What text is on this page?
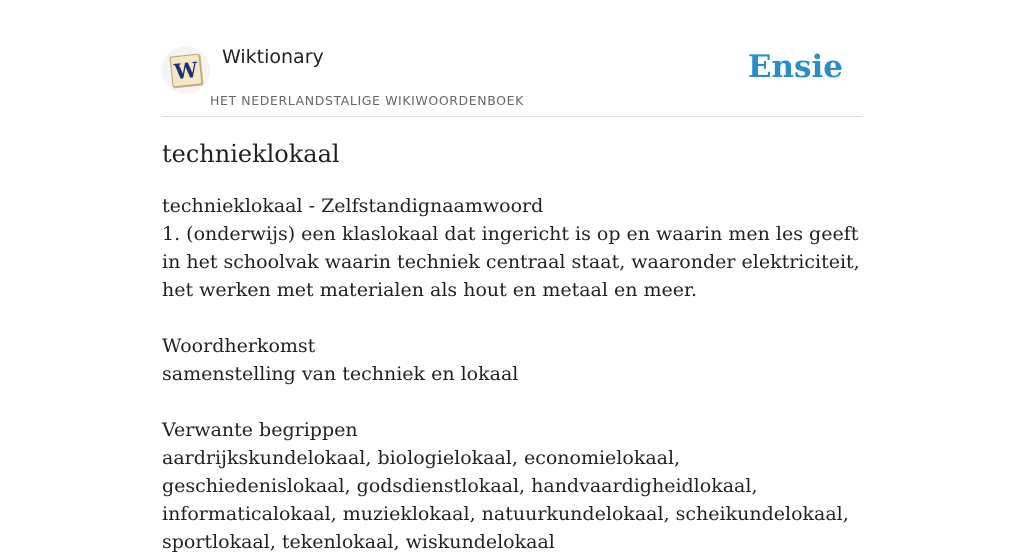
W Wiktionary
HET NEDERLANDSTALIGE WIKIWOORDENBOEK
Ensie
technieklokaal

technieklokaal - Zelfstandignaamwoord

1. (onderwijs) een klaslokaal dat ingericht is op en waarin men les geeft in het schoolvak waarin techniek centraal staat, waaronder elektriciteit, het werken met materialen als hout en metaal en meer.

Woordherkomst

samenstelling van techniek en lokaal

Verwante begrippen

aardrijkskundelokaal, biologielokaal, economielokaal, geschiedenislokaal, godsdienstlokaal, handvaardigheidlokaal, informaticalokaal, muzieklokaal, natuurkundelokaal, scheikundelokaal, sportlokaal, tekenlokaal, wiskundelokaal
